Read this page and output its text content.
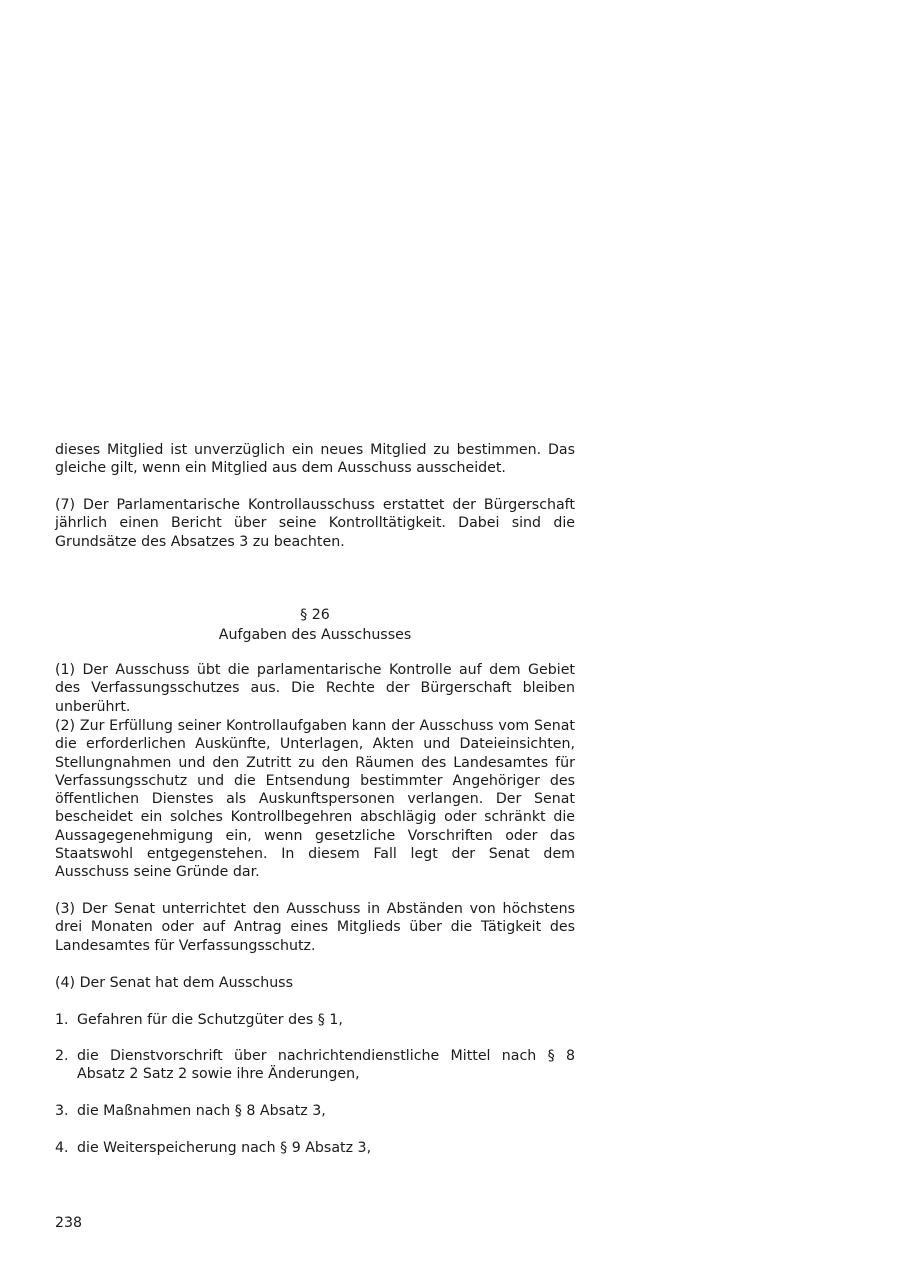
dieses Mitglied ist unverzüglich ein neues Mitglied zu bestimmen. Das gleiche gilt, wenn ein Mitglied aus dem Ausschuss ausscheidet.

(7) Der Parlamentarische Kontrollausschuss erstattet der Bürgerschaft jährlich einen Bericht über seine Kontrolltätigkeit. Dabei sind die Grundsätze des Absatzes 3 zu beachten.

§ 26
Aufgaben des Ausschusses

(1) Der Ausschuss übt die parlamentarische Kontrolle auf dem Gebiet des Verfassungsschutzes aus. Die Rechte der Bürgerschaft bleiben unberührt.

(2) Zur Erfüllung seiner Kontrollaufgaben kann der Ausschuss vom Senat die erforderlichen Auskünfte, Unterlagen, Akten und Dateieinsichten, Stellungnahmen und den Zutritt zu den Räumen des Landesamtes für Verfassungsschutz und die Entsendung bestimmter Angehöriger des öffentlichen Dienstes als Auskunftspersonen verlangen. Der Senat bescheidet ein solches Kontrollbegehren abschlägig oder schränkt die Aussagegenehmigung ein, wenn gesetzliche Vorschriften oder das Staatswohl entgegenstehen. In diesem Fall legt der Senat dem Ausschuss seine Gründe dar.

(3) Der Senat unterrichtet den Ausschuss in Abständen von höchstens drei Monaten oder auf Antrag eines Mitglieds über die Tätigkeit des Landesamtes für Verfassungsschutz.

(4) Der Senat hat dem Ausschuss

1. Gefahren für die Schutzgüter des § 1,
2. die Dienstvorschrift über nachrichtendienstliche Mittel nach § 8 Absatz 2 Satz 2 sowie ihre Änderungen,
3. die Maßnahmen nach § 8 Absatz 3,
4. die Weiterspeicherung nach § 9 Absatz 3,
238
